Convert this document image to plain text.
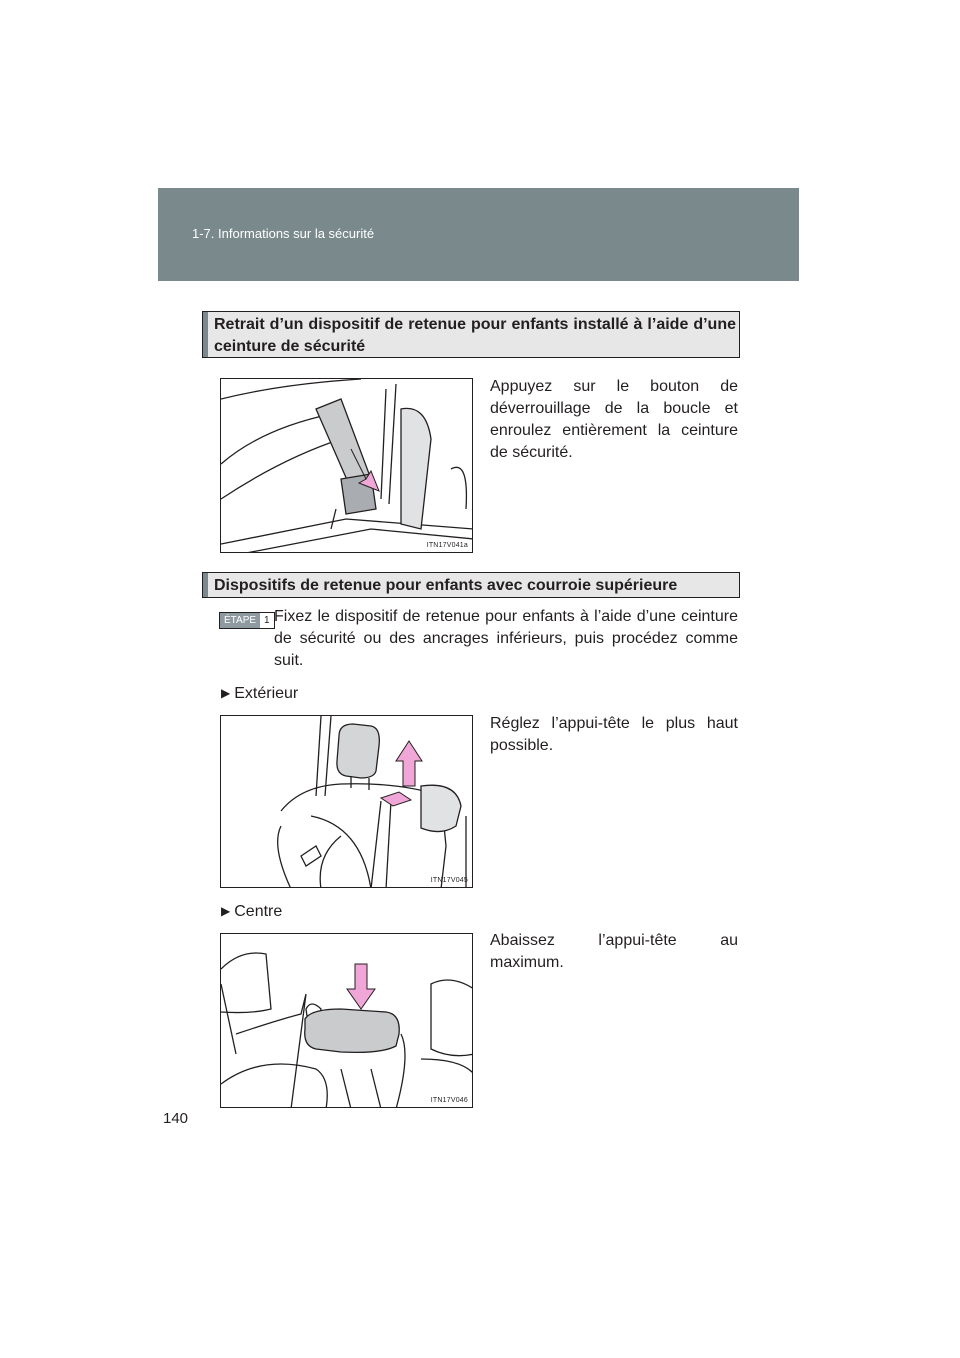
1-7. Informations sur la sécurité
Retrait d’un dispositif de retenue pour enfants installé à l’aide d’une ceinture de sécurité
ITN17V041a
Appuyez sur le bouton de déverrouillage de la boucle et enroulez entièrement la ceinture de sécurité.
Dispositifs de retenue pour enfants avec courroie supérieure
ÉTAPE 1 Fixez le dispositif de retenue pour enfants à l’aide d’une ceinture de sécurité ou des ancrages inférieurs, puis procédez comme suit.
▶ Extérieur
ITN17V045
Réglez l’appui-tête le plus haut possible.
▶ Centre
ITN17V046
Abaissez l’appui-tête au maximum.
140
